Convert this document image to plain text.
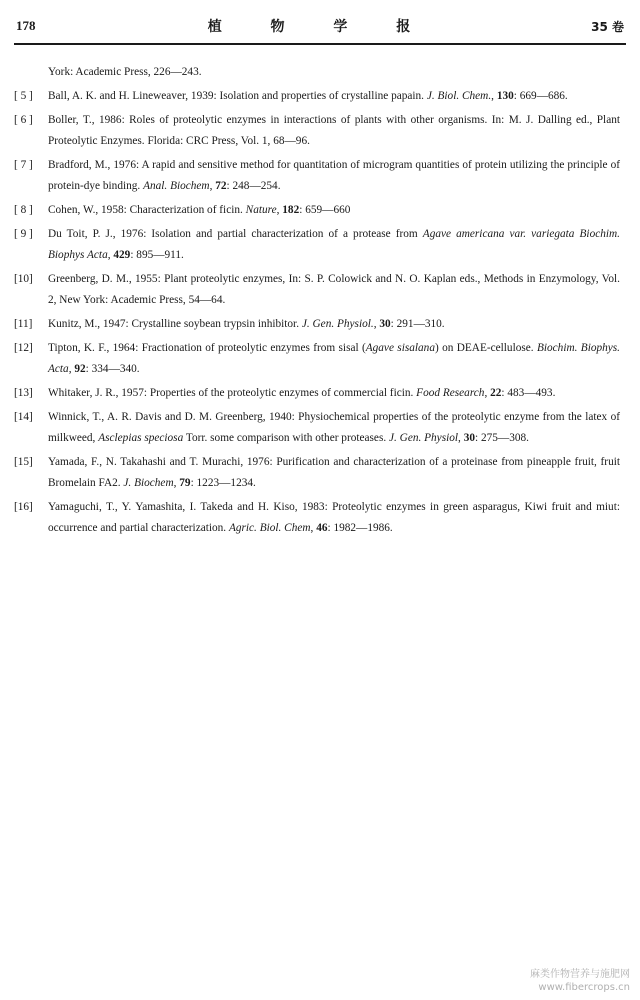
178	植 物 学 报	35 卷
York: Academic Press, 226—243.
[ 5 ]	Ball, A. K. and H. Lineweaver, 1939: Isolation and properties of crystalline papain. J. Biol. Chem., 130: 669—686.
[ 6 ]	Boller, T., 1986: Roles of proteolytic enzymes in interactions of plants with other organisms. In: M. J. Dalling ed., Plant Proteolytic Enzymes. Florida: CRC Press, Vol. 1, 68—96.
[ 7 ]	Bradford, M., 1976: A rapid and sensitive method for quantitation of microgram quantities of protein utilizing the principle of protein-dye binding. Anal. Biochem, 72: 248—254.
[ 8 ]	Cohen, W., 1958: Characterization of ficin. Nature, 182: 659—660
[ 9 ]	Du Toit, P. J., 1976: Isolation and partial characterization of a protease from Agave americana var. variegata Biochim. Biophys Acta, 429: 895—911.
[10]	Greenberg, D. M., 1955: Plant proteolytic enzymes, In: S. P. Colowick and N. O. Kaplan eds., Methods in Enzymology, Vol. 2, New York: Academic Press, 54—64.
[11]	Kunitz, M., 1947: Crystalline soybean trypsin inhibitor. J. Gen. Physiol., 30: 291—310.
[12]	Tipton, K. F., 1964: Fractionation of proteolytic enzymes from sisal (Agave sisalana) on DEAE-cellulose. Biochim. Biophys. Acta, 92: 334—340.
[13]	Whitaker, J. R., 1957: Properties of the proteolytic enzymes of commercial ficin. Food Research, 22: 483—493.
[14]	Winnick, T., A. R. Davis and D. M. Greenberg, 1940: Physiochemical properties of the proteolytic enzyme from the latex of milkweed, Asclepias speciosa Torr. some comparison with other proteases. J. Gen. Physiol, 30: 275—308.
[15]	Yamada, F., N. Takahashi and T. Murachi, 1976: Purification and characterization of a proteinase from pineapple fruit, fruit Bromelain FA2. J. Biochem, 79: 1223—1234.
[16]	Yamaguchi, T., Y. Yamashita, I. Takeda and H. Kiso, 1983: Proteolytic enzymes in green asparagus, Kiwi fruit and miut: occurrence and partial characterization. Agric. Biol. Chem, 46: 1982—1986.
麻类作物营养与施肥网
www.fibercrops.cn
